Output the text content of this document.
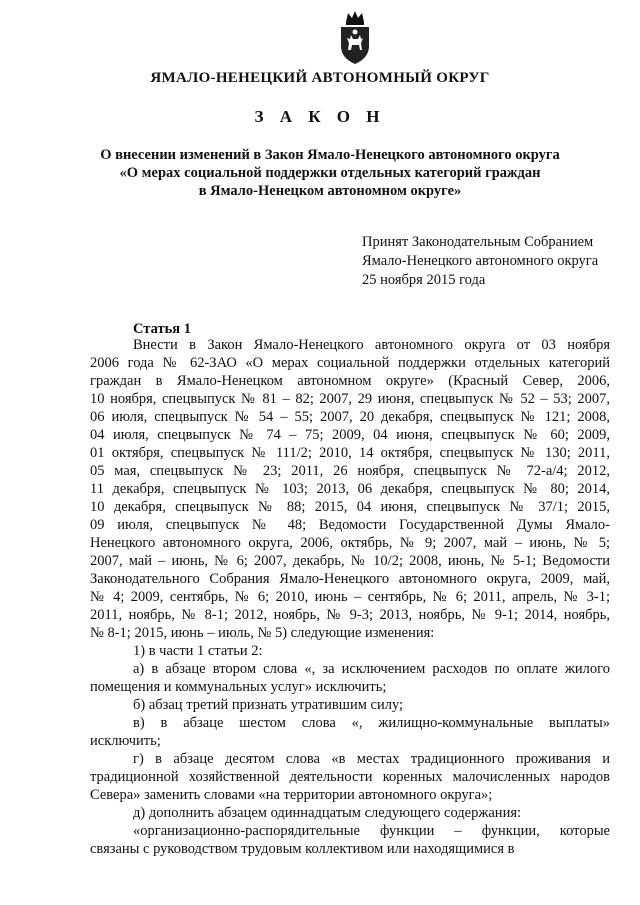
ЯМАЛО-НЕНЕЦКИЙ АВТОНОМНЫЙ ОКРУГ
З А К О Н
О внесении изменений в Закон Ямало-Ненецкого автономного округа
«О мерах социальной поддержки отдельных категорий граждан
в Ямало-Ненецком автономном округе»
Принят Законодательным Собранием
Ямало-Ненецкого автономного округа
25 ноября 2015 года
Статья 1
Внести в Закон Ямало-Ненецкого автономного округа от 03 ноября
2006 года № 62-ЗАО «О мерах социальной поддержки отдельных категорий
граждан в Ямало-Ненецком автономном округе» (Красный Север, 2006,
10 ноября, спецвыпуск № 81 – 82; 2007, 29 июня, спецвыпуск № 52 – 53; 2007,
06 июля, спецвыпуск № 54 – 55; 2007, 20 декабря, спецвыпуск № 121; 2008,
04 июля, спецвыпуск № 74 – 75; 2009, 04 июня, спецвыпуск № 60; 2009,
01 октября, спецвыпуск № 111/2; 2010, 14 октября, спецвыпуск № 130; 2011,
05 мая, спецвыпуск № 23; 2011, 26 ноября, спецвыпуск № 72-а/4; 2012,
11 декабря, спецвыпуск № 103; 2013, 06 декабря, спецвыпуск № 80; 2014,
10 декабря, спецвыпуск № 88; 2015, 04 июня, спецвыпуск № 37/1; 2015,
09 июля, спецвыпуск № 48; Ведомости Государственной Думы Ямало-
Ненецкого автономного округа, 2006, октябрь, № 9; 2007, май – июнь, № 5;
2007, май – июнь, № 6; 2007, декабрь, № 10/2; 2008, июнь, № 5-1; Ведомости
Законодательного Собрания Ямало-Ненецкого автономного округа, 2009, май,
№ 4; 2009, сентябрь, № 6; 2010, июнь – сентябрь, № 6; 2011, апрель, № 3-1;
2011, ноябрь, № 8-1; 2012, ноябрь, № 9-3; 2013, ноябрь, № 9-1; 2014, ноябрь,
№ 8-1; 2015, июнь – июль, № 5) следующие изменения:
1) в части 1 статьи 2:
а) в абзаце втором слова «, за исключением расходов по оплате жилого
помещения и коммунальных услуг» исключить;
б) абзац третий признать утратившим силу;
в) в абзаце шестом слова «, жилищно-коммунальные выплаты»
исключить;
г) в абзаце десятом слова «в местах традиционного проживания и
традиционной хозяйственной деятельности коренных малочисленных народов
Севера» заменить словами «на территории автономного округа»;
д) дополнить абзацем одиннадцатым следующего содержания:
«организационно-распорядительные функции – функции, которые
связаны с руководством трудовым коллективом или находящимися в
